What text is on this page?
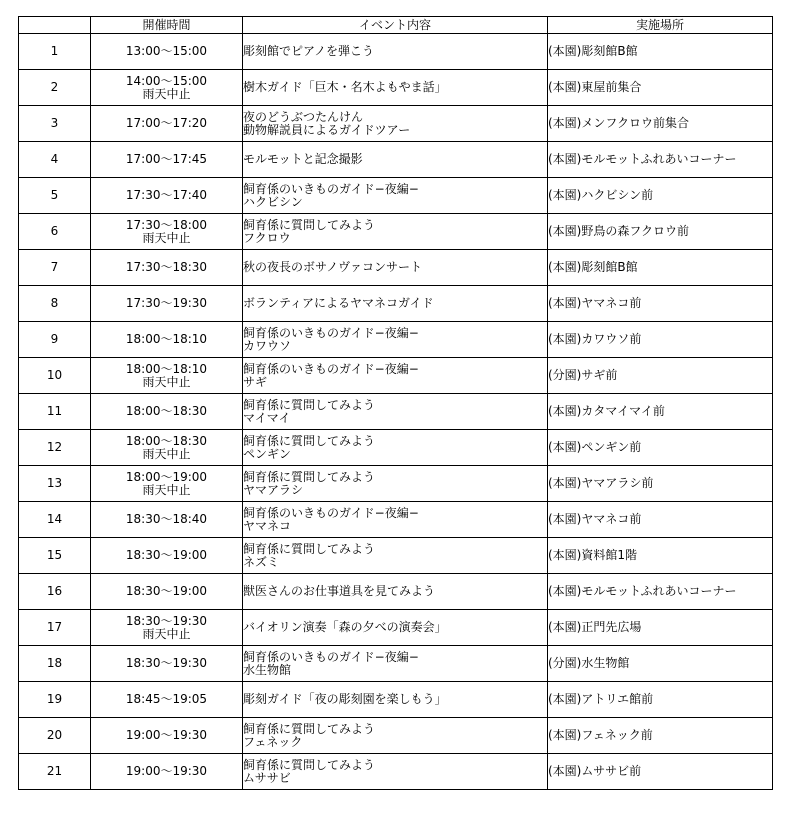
	開催時間	イベント内容	実施場所
1	13:00〜15:00	彫刻館でピアノを弾こう	(本園)彫刻館B館
2	14:00〜15:00
雨天中止	樹木ガイド「巨木・名木よもやま話」	(本園)東屋前集合
3	17:00〜17:20	夜のどうぶつたんけん
動物解説員によるガイドツアー	(本園)メンフクロウ前集合
4	17:00〜17:45	モルモットと記念撮影	(本園)モルモットふれあいコーナー
5	17:30〜17:40	飼育係のいきものガイド−夜編−
ハクビシン	(本園)ハクビシン前
6	17:30〜18:00
雨天中止	飼育係に質問してみよう
フクロウ	(本園)野鳥の森フクロウ前
7	17:30〜18:30	秋の夜長のボサノヴァコンサート	(本園)彫刻館B館
8	17:30〜19:30	ボランティアによるヤマネコガイド	(本園)ヤマネコ前
9	18:00〜18:10	飼育係のいきものガイド−夜編−
カワウソ	(本園)カワウソ前
10	18:00〜18:10
雨天中止	飼育係のいきものガイド−夜編−
サギ	(分園)サギ前
11	18:00〜18:30	飼育係に質問してみよう
マイマイ	(本園)カタマイマイ前
12	18:00〜18:30
雨天中止	飼育係に質問してみよう
ペンギン	(本園)ペンギン前
13	18:00〜19:00
雨天中止	飼育係に質問してみよう
ヤマアラシ	(本園)ヤマアラシ前
14	18:30〜18:40	飼育係のいきものガイド−夜編−
ヤマネコ	(本園)ヤマネコ前
15	18:30〜19:00	飼育係に質問してみよう
ネズミ	(本園)資料館1階
16	18:30〜19:00	獣医さんのお仕事道具を見てみよう	(本園)モルモットふれあいコーナー
17	18:30〜19:30
雨天中止	バイオリン演奏「森の夕べの演奏会」	(本園)正門先広場
18	18:30〜19:30	飼育係のいきものガイド−夜編−
水生物館	(分園)水生物館
19	18:45〜19:05	彫刻ガイド「夜の彫刻園を楽しもう」	(本園)アトリエ館前
20	19:00〜19:30	飼育係に質問してみよう
フェネック	(本園)フェネック前
21	19:00〜19:30	飼育係に質問してみよう
ムササビ	(本園)ムササビ前
